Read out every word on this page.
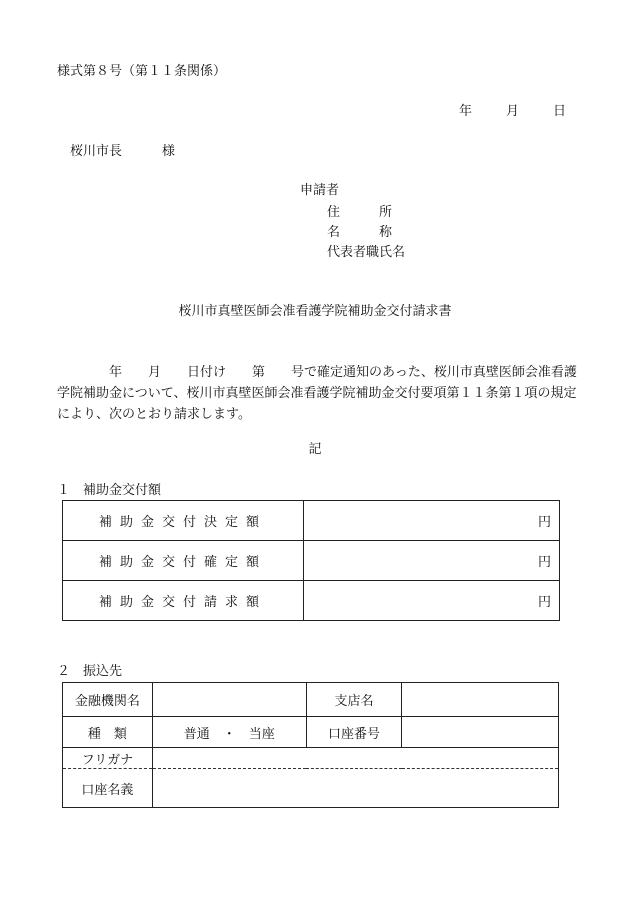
様式第８号（第１１条関係）
年	月	日
桜川市長	様
申請者
住　　　所
名　　　称
代表者職氏名
桜川市真壁医師会准看護学院補助金交付請求書
　　　　年　　月　　日付け　　第　　号で確定通知のあった、桜川市真壁医師会准看護学院補助金について、桜川市真壁医師会准看護学院補助金交付要項第１１条第１項の規定により、次のとおり請求します。
記
１　補助金交付額
補助金交付決定額	円
補助金交付確定額	円
補助金交付請求額	円
２　振込先
金融機関名		支店名	
種　類	普通　・　当座	口座番号	
フリガナ			
口座名義			
